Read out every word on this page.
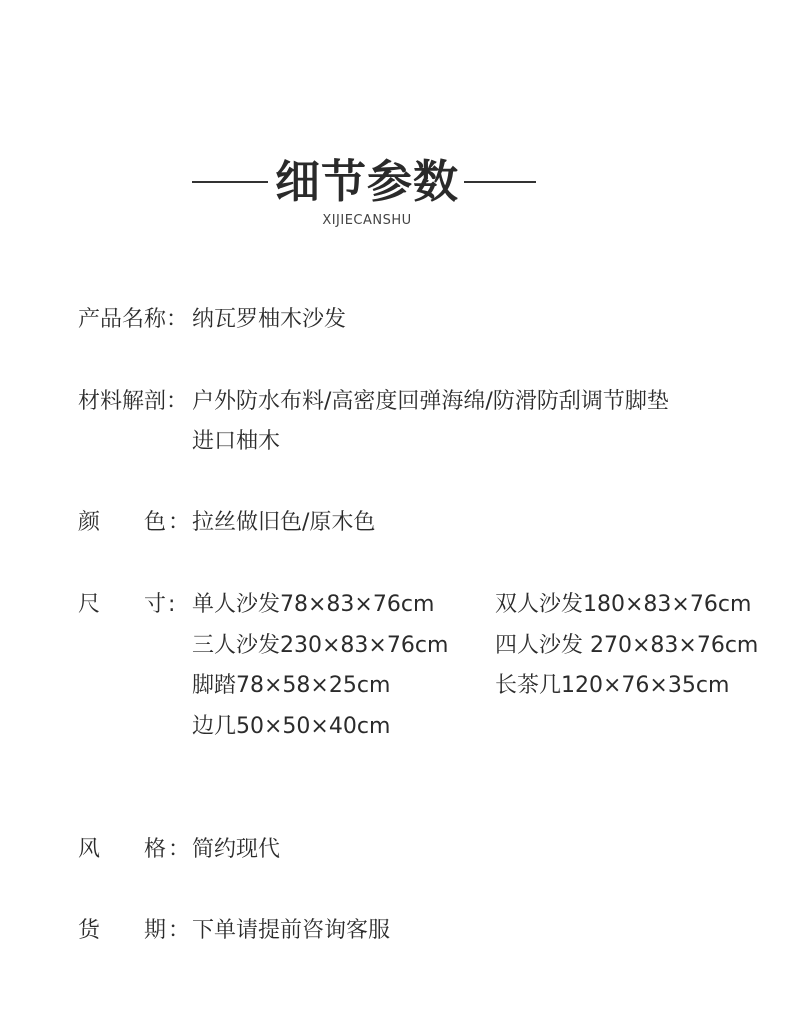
细节参数
XIJIECANSHU
产品名称： 纳瓦罗柚木沙发
材料解剖： 户外防水布料/高密度回弹海绵/防滑防刮调节脚垫
进口柚木
颜 色 ： 拉丝做旧色/原木色
尺 寸 : 单人沙发78×83×76cm	双人沙发180×83×76cm
三人沙发230×83×76cm 四人沙发 270×83×76cm
脚踏78×58×25cm	长茶几120×76×35cm
边几50×50×40cm
风 格 ： 简约现代
货 期 ： 下单请提前咨询客服
